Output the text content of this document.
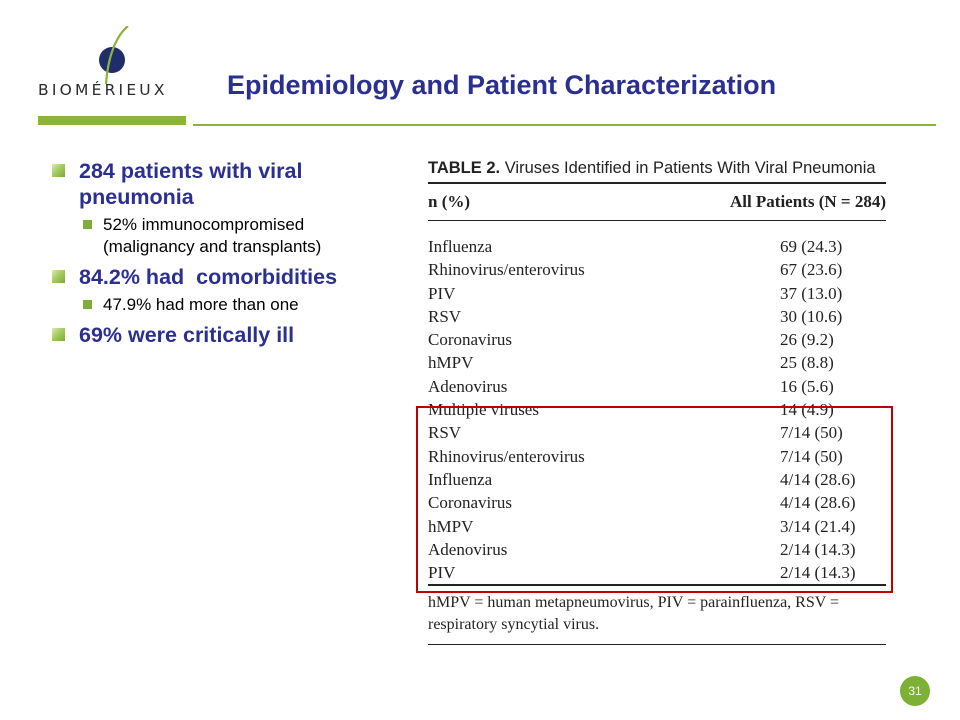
BIOMÉRIEUX	Epidemiology and Patient Characterization
284 patients with viral pneumonia
52% immunocompromised (malignancy and transplants)
84.2% had  comorbidities
47.9% had more than one
69% were critically ill
TABLE 2. Viruses Identified in Patients With Viral Pneumonia
n (%)	All Patients (N = 284)
Influenza	69 (24.3)
Rhinovirus/enterovirus	67 (23.6)
PIV	37 (13.0)
RSV	30 (10.6)
Coronavirus	26 (9.2)
hMPV	25 (8.8)
Adenovirus	16 (5.6)
Multiple viruses	14 (4.9)
RSV	7/14 (50)
Rhinovirus/enterovirus	7/14 (50)
Influenza	4/14 (28.6)
Coronavirus	4/14 (28.6)
hMPV	3/14 (21.4)
Adenovirus	2/14 (14.3)
PIV	2/14 (14.3)
hMPV = human metapneumovirus, PIV = parainfluenza, RSV = respiratory syncytial virus.
31
